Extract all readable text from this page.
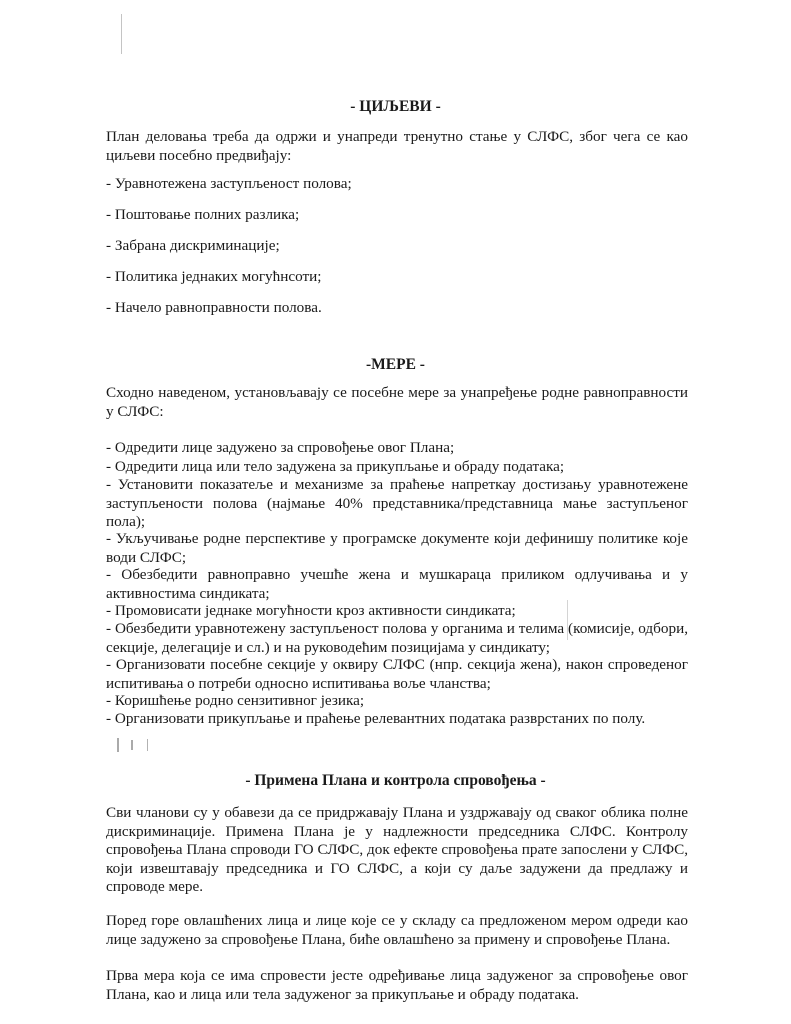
- ЦИЉЕВИ -
План деловања треба да одржи и унапреди тренутно стање у СЛФС, због чега се као циљеви посебно предвиђају:
- Уравнотежена заступљеност полова;
- Поштовање полних разлика;
- Забрана дискриминације;
- Политика једнаких могућнсоти;
- Начело равноправности полова.
-МЕРЕ -
Сходно наведеном, установљавају се посебне мере за унапређење родне равноправности у СЛФС:
- Одредити лице задужено за спровођење овог Плана;
- Одредити лица или тело задужена за прикупљање и обраду података;
- Установити показатеље и механизме за праћење напреткау достизању уравнотежене заступљености полова (најмање 40% представника/представница мање заступљеног пола);
- Укључивање родне перспективе у програмске документе који дефинишу политике које води СЛФС;
- Обезбедити равноправно учешће жена и мушкараца приликом одлучивања и у активностима синдиката;
- Промовисати једнаке могућности кроз активности синдиката;
- Обезбедити уравнотежену заступљеност полова у органима и телима (комисије, одбори, секције, делегације и сл.) и на руководећим позицијама у синдикату;
- Организовати посебне секције у оквиру СЛФС (нпр. секција жена), након спроведеног испитивања о потреби односно испитивања воље чланства;
- Коришћење родно сензитивног језика;
- Организовати прикупљање и праћење релевантних података разврстаних по полу.
- Примена Плана и контрола спровођења -
Сви чланови су у обавези да се придржавају Плана и уздржавају од сваког облика полне дискриминације. Примена Плана је у надлежности председника СЛФС. Контролу спровођења Плана спроводи ГО СЛФС, док ефекте спровођења прате запослени у СЛФС, који извештавају председника и ГО СЛФС, а који су даље задужени да предлажу и спроводе мере.
Поред горе овлашћених лица и лице које се у складу са предложеном мером одреди као лице задужено за спровођење Плана, биће овлашћено за примену и спровођење Плана.
Прва мера која се има спровести јесте одређивање лица задуженог за спровођење овог Плана, као и лица или тела задуженог за прикупљање и обраду података.
